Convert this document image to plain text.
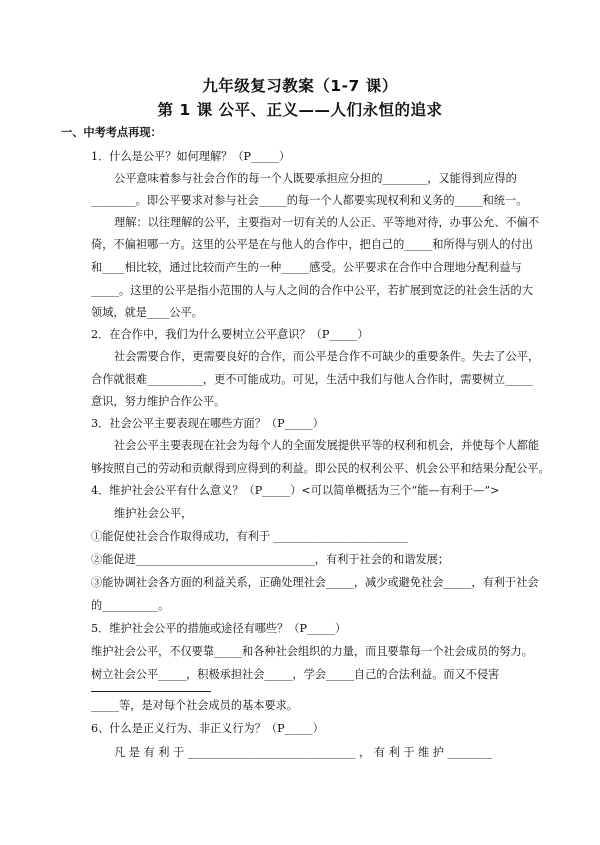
九年级复习教案（1-7 课）
第 1 课 公平、正义——人们永恒的追求
一、中考考点再现：
1．什么是公平？如何理解？（P_____）
公平意味着参与社会合作的每一个人既要承担应分担的________，又能得到应得的
________。即公平要求对参与社会_____的每一个人都要实现权利和义务的_____和统一。
理解：以往理解的公平，主要指对一切有关的人公正、平等地对待，办事公允、不偏不
倚，不偏袒哪一方。这里的公平是在与他人的合作中，把自己的_____和所得与别人的付出
和____相比较，通过比较而产生的一种_____感受。公平要求在合作中合理地分配利益与
_____。这里的公平是指小范围的人与人之间的合作中公平，若扩展到宽泛的社会生活的大
领域，就是____公平。
2．在合作中，我们为什么要树立公平意识？（P_____）
社会需要合作，更需要良好的合作，而公平是合作不可缺少的重要条件。失去了公平，
合作就很难__________，更不可能成功。可见，生活中我们与他人合作时，需要树立_____
意识，努力维护合作公平。
3．社会公平主要表现在哪些方面？（P_____）
社会公平主要表现在社会为每个人的全面发展提供平等的权利和机会，并使每个人都能
够按照自己的劳动和贡献得到应得到的利益。即公民的权利公平、机会公平和结果分配公平。
4．维护社会公平有什么意义？（P_____）<可以简单概括为三个“能—有利于—”>
维护社会公平，
①能促使社会合作取得成功，有利于 ________________________
②能促进________________________________，有利于社会的和谐发展；
③能协调社会各方面的利益关系，正确处理社会_____，减少或避免社会_____，有利于社会
的__________。
5．维护社会公平的措施或途径有哪些？（P_____）
维护社会公平，不仅要靠_____和各种社会组织的力量，而且要靠每一个社会成员的努力。
树立社会公平_____，积极承担社会_____，学会_____自己的合法利益。而又不侵害
_____等，是对每个社会成员的基本要求。
6、什么是正义行为、非正义行为？（P_____）
凡 是 有 利 于 ______________________________ ， 有 利 于 维 护 ________
